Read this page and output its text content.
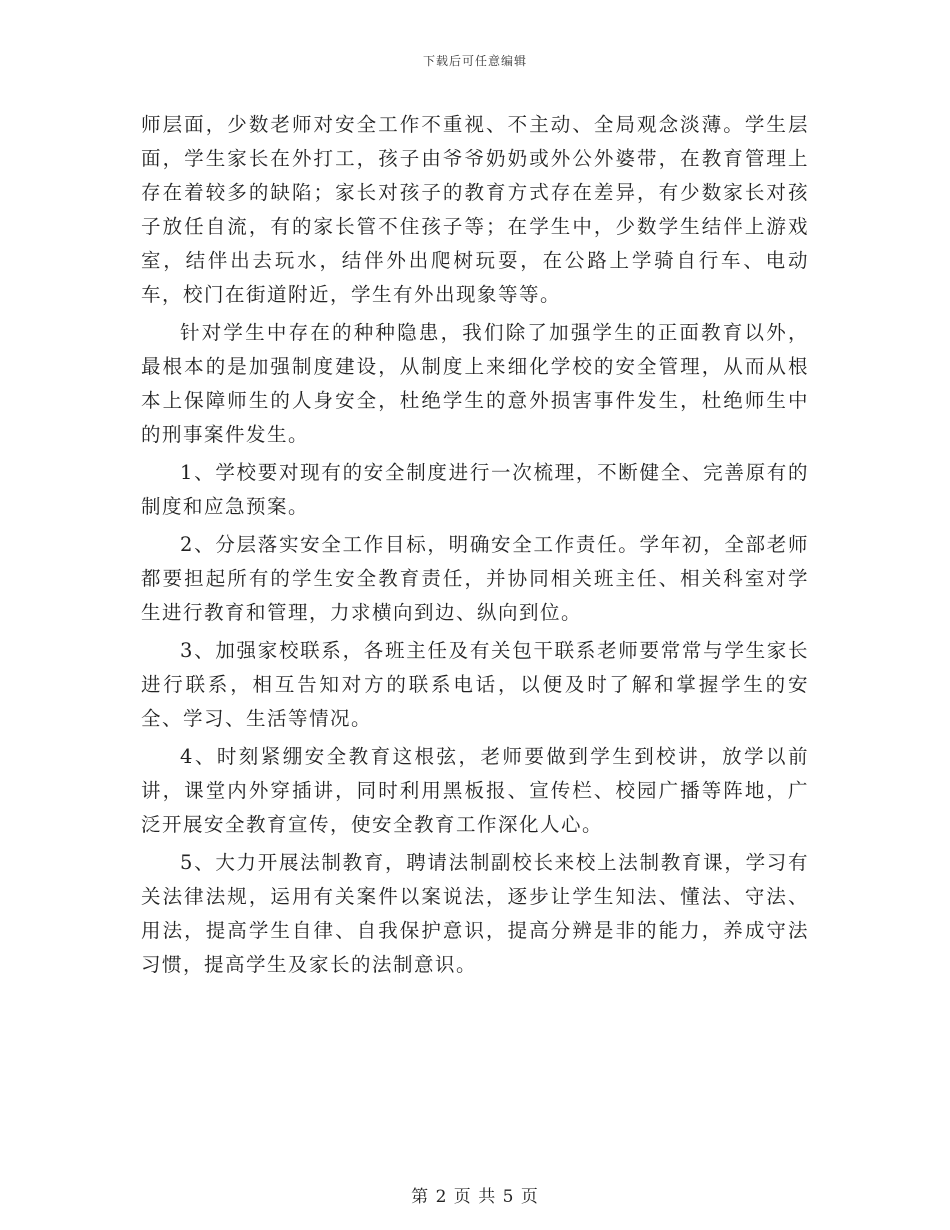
下载后可任意编辑

师层面，少数老师对安全工作不重视、不主动、全局观念淡薄。学生层面，学生家长在外打工，孩子由爷爷奶奶或外公外婆带，在教育管理上存在着较多的缺陷；家长对孩子的教育方式存在差异，有少数家长对孩子放任自流，有的家长管不住孩子等；在学生中，少数学生结伴上游戏室，结伴出去玩水，结伴外出爬树玩耍，在公路上学骑自行车、电动车，校门在街道附近，学生有外出现象等等。

针对学生中存在的种种隐患，我们除了加强学生的正面教育以外，最根本的是加强制度建设，从制度上来细化学校的安全管理，从而从根本上保障师生的人身安全，杜绝学生的意外损害事件发生，杜绝师生中的刑事案件发生。

1、学校要对现有的安全制度进行一次梳理，不断健全、完善原有的制度和应急预案。

2、分层落实安全工作目标，明确安全工作责任。学年初，全部老师都要担起所有的学生安全教育责任，并协同相关班主任、相关科室对学生进行教育和管理，力求横向到边、纵向到位。

3、加强家校联系，各班主任及有关包干联系老师要常常与学生家长进行联系，相互告知对方的联系电话，以便及时了解和掌握学生的安全、学习、生活等情况。

4、时刻紧绷安全教育这根弦，老师要做到学生到校讲，放学以前讲，课堂内外穿插讲，同时利用黑板报、宣传栏、校园广播等阵地，广泛开展安全教育宣传，使安全教育工作深化人心。

5、大力开展法制教育，聘请法制副校长来校上法制教育课，学习有关法律法规，运用有关案件以案说法，逐步让学生知法、懂法、守法、用法，提高学生自律、自我保护意识，提高分辨是非的能力，养成守法习惯，提高学生及家长的法制意识。

第 2 页 共 5 页
